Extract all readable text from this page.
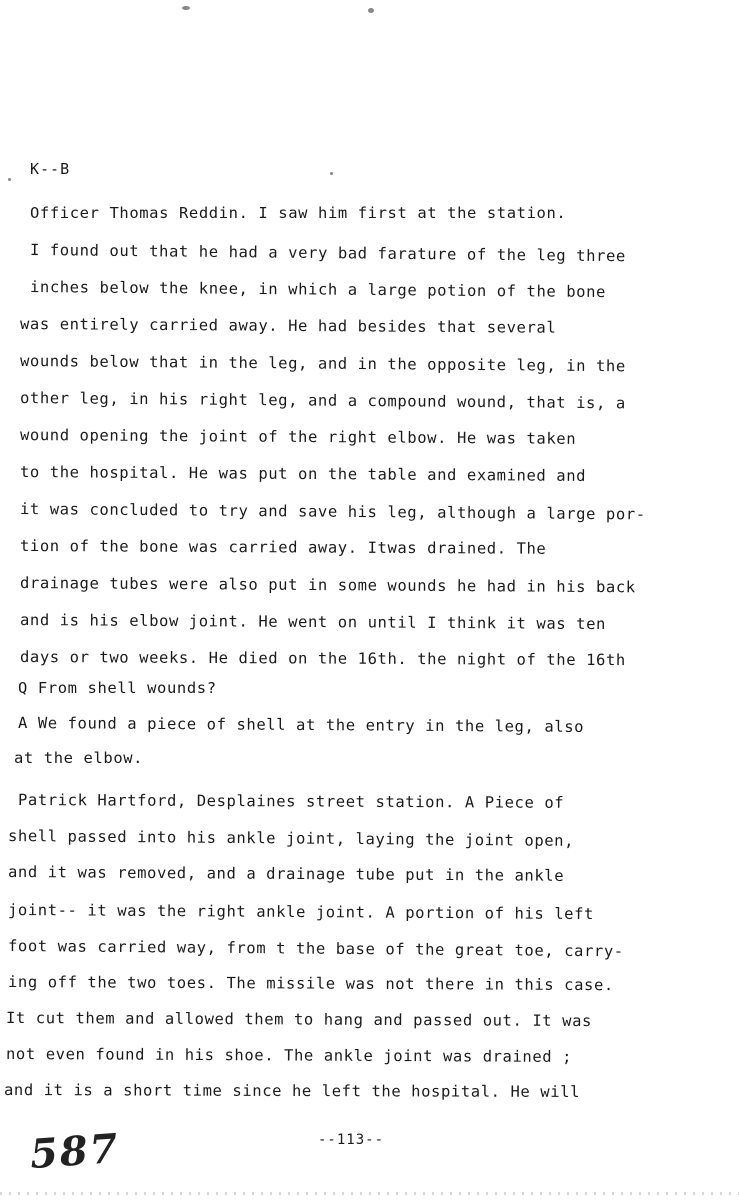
K--B
Officer Thomas Reddin. I saw him first at the station.
I found out that he had a very bad farature of the leg three
inches below the knee, in which a large potion of the bone
was entirely carried away. He had besides that several
wounds below that in the leg, and in the opposite leg, in the
other leg, in his right leg, and a compound wound, that is, a
wound opening the joint of the right elbow. He was taken
to the hospital. He was put on the table and examined and
it was concluded to try and save his leg, although a large por-
tion of the bone was carried away. Itwas drained. The
drainage tubes were also put in some wounds he had in his back
and is his elbow joint. He went on until I think it was ten
days or two weeks. He died on the 16th. the night of the 16th
Q From shell wounds?
A We found a piece of shell at the entry in the leg, also
at the elbow.
Patrick Hartford, Desplaines street station. A Piece of
shell passed into his ankle joint, laying the joint open,
and it was removed, and a drainage tube put in the ankle
joint-- it was the right ankle joint. A portion of his left
foot was carried way, from t the base of the great toe, carry-
ing off the two toes. The missile was not there in this case.
It cut them and allowed them to hang and passed out. It was
not even found in his shoe. The ankle joint was drained ;
and it is a short time since he left the hospital. He will
587	--113--
